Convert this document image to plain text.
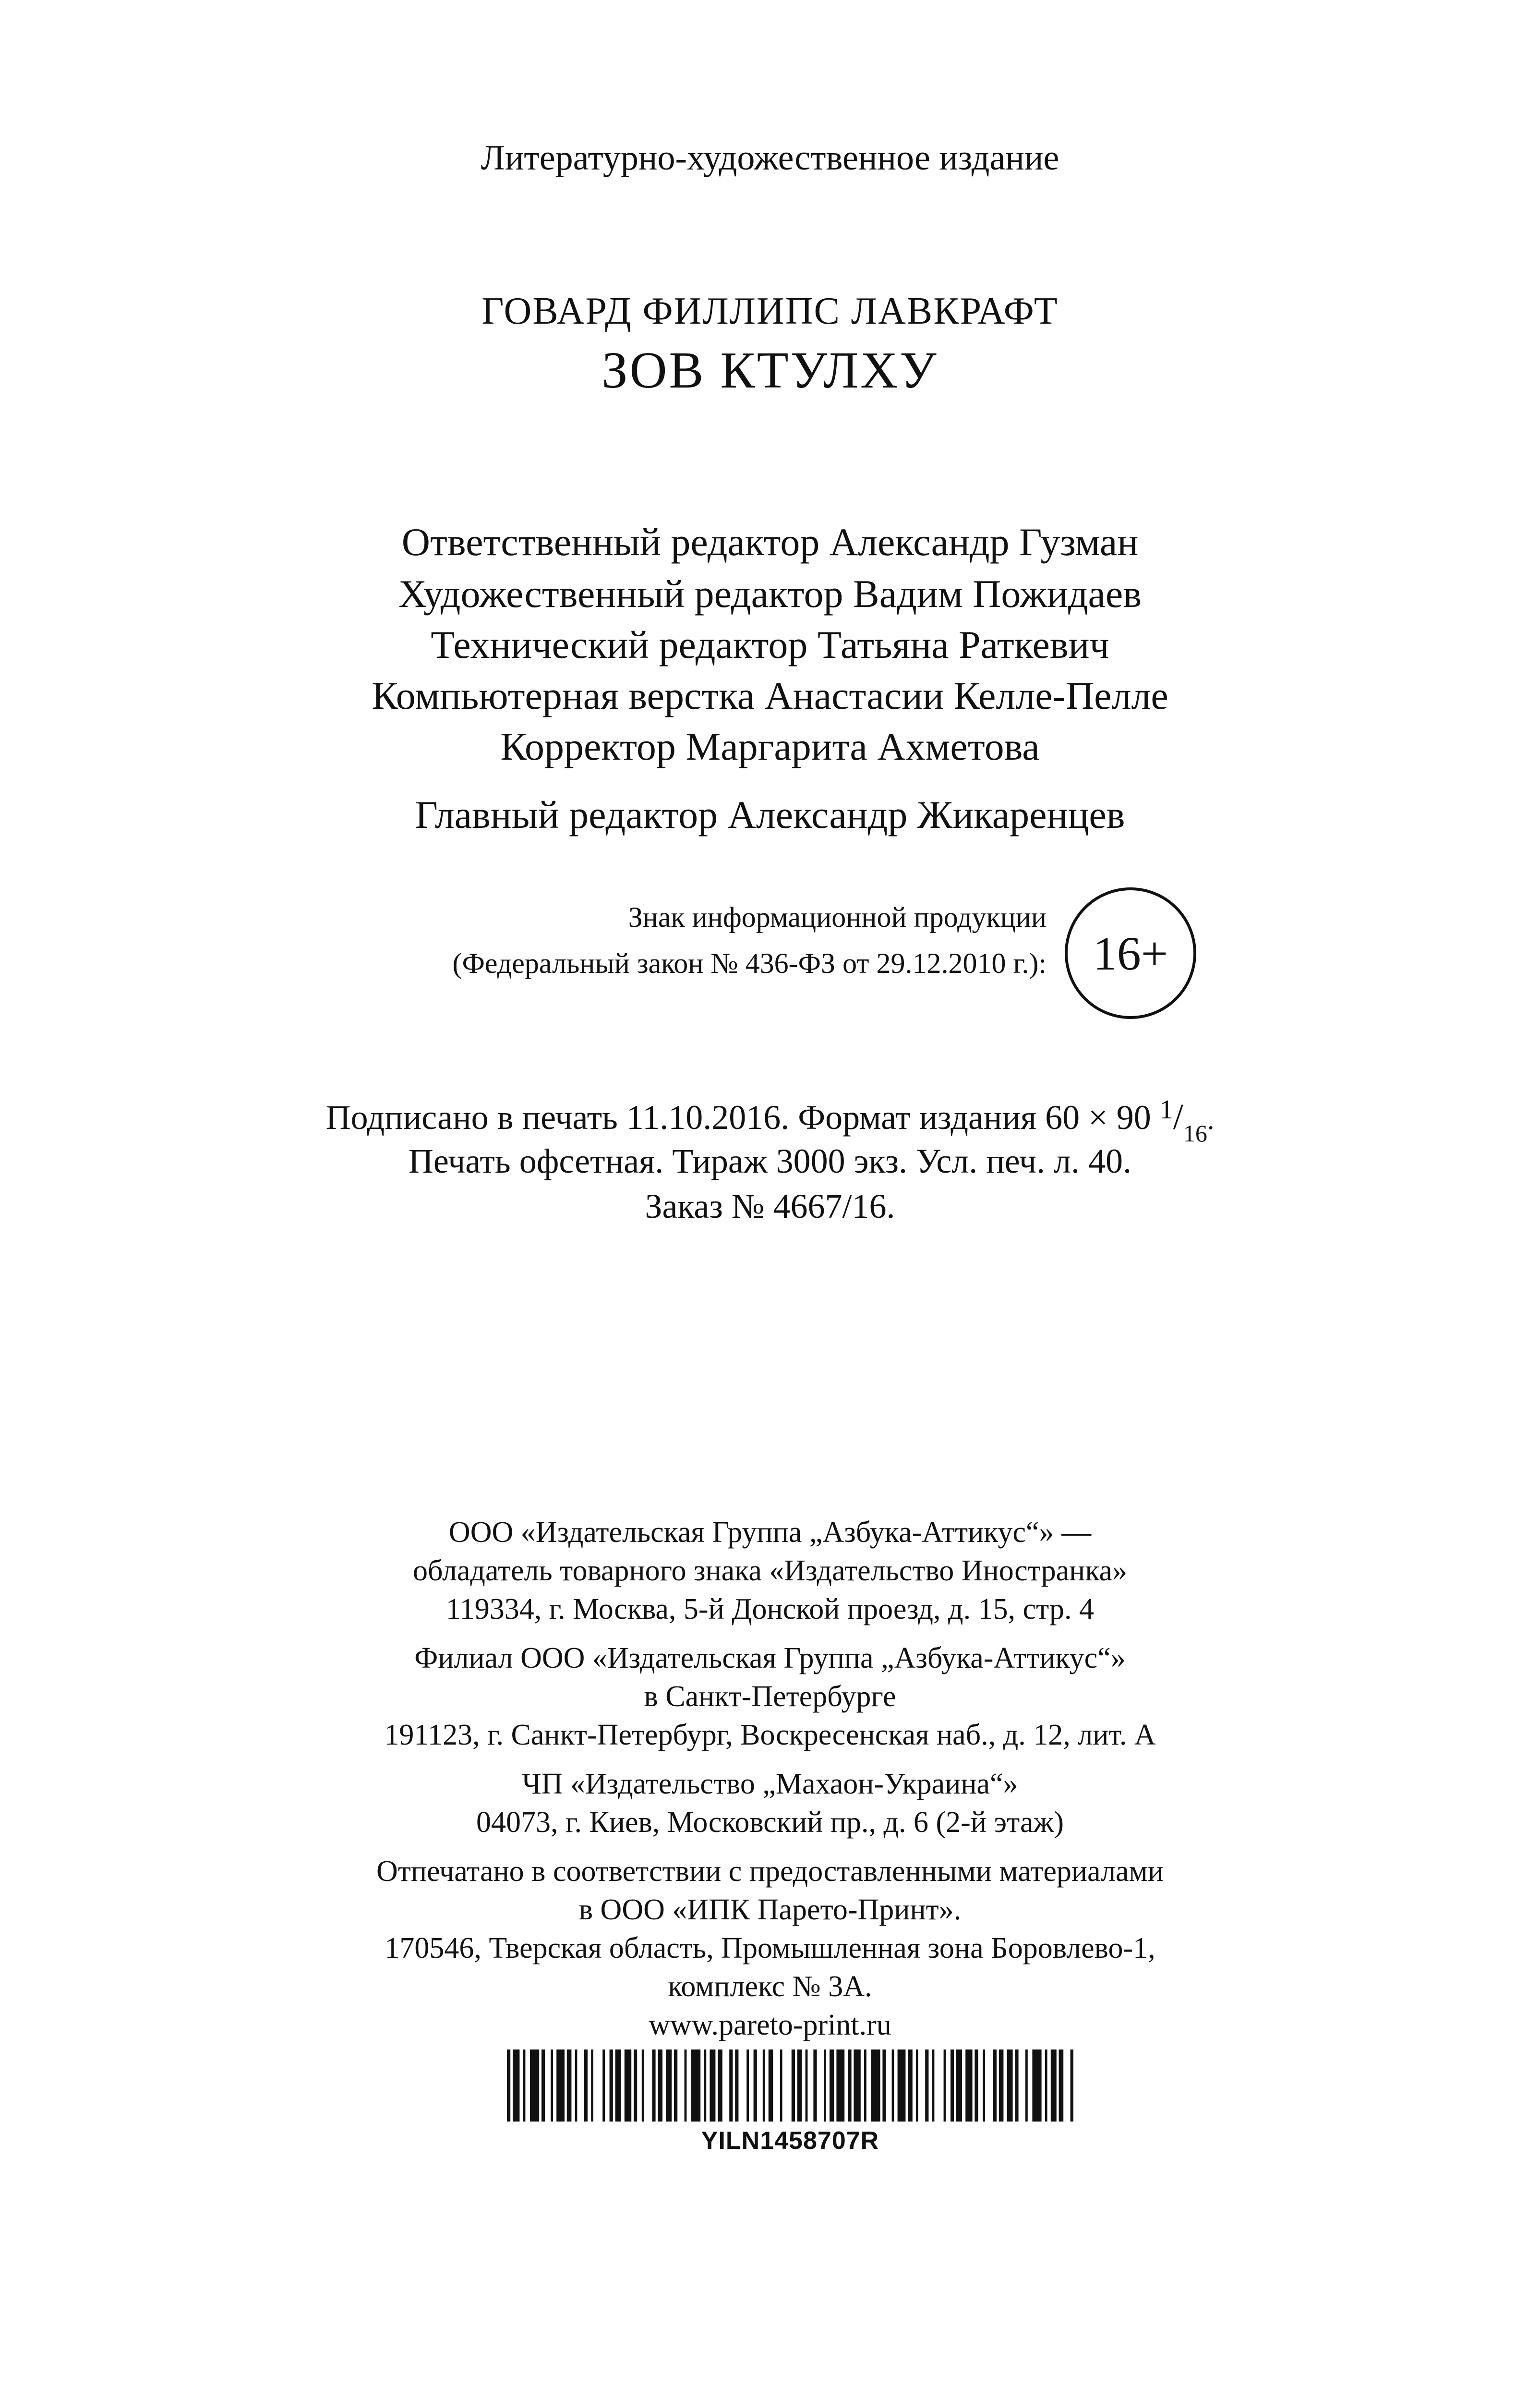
Литературно-художественное издание
ГОВАРД ФИЛЛИПС ЛАВКРАФТ
ЗОВ КТУЛХУ
Ответственный редактор Александр Гузман
Художественный редактор Вадим Пожидаев
Технический редактор Татьяна Раткевич
Компьютерная верстка Анастасии Келле-Пелле
Корректор Маргарита Ахметова
Главный редактор Александр Жикаренцев
Знак информационной продукции
(Федеральный закон № 436-ФЗ от 29.12.2010 г.): 16+
Подписано в печать 11.10.2016. Формат издания 60 × 90 1/16.
Печать офсетная. Тираж 3000 экз. Усл. печ. л. 40.
Заказ № 4667/16.
ООО «Издательская Группа „Азбука-Аттикус“» —
обладатель товарного знака «Издательство Иностранка»
119334, г. Москва, 5-й Донской проезд, д. 15, стр. 4
Филиал ООО «Издательская Группа „Азбука-Аттикус“»
в Санкт-Петербурге
191123, г. Санкт-Петербург, Воскресенская наб., д. 12, лит. А
ЧП «Издательство „Махаон-Украина“»
04073, г. Киев, Московский пр., д. 6 (2-й этаж)
Отпечатано в соответствии с предоставленными материалами
в ООО «ИПК Парето-Принт».
170546, Тверская область, Промышленная зона Боровлево-1,
комплекс № 3А.
www.pareto-print.ru
YILN1458707R
